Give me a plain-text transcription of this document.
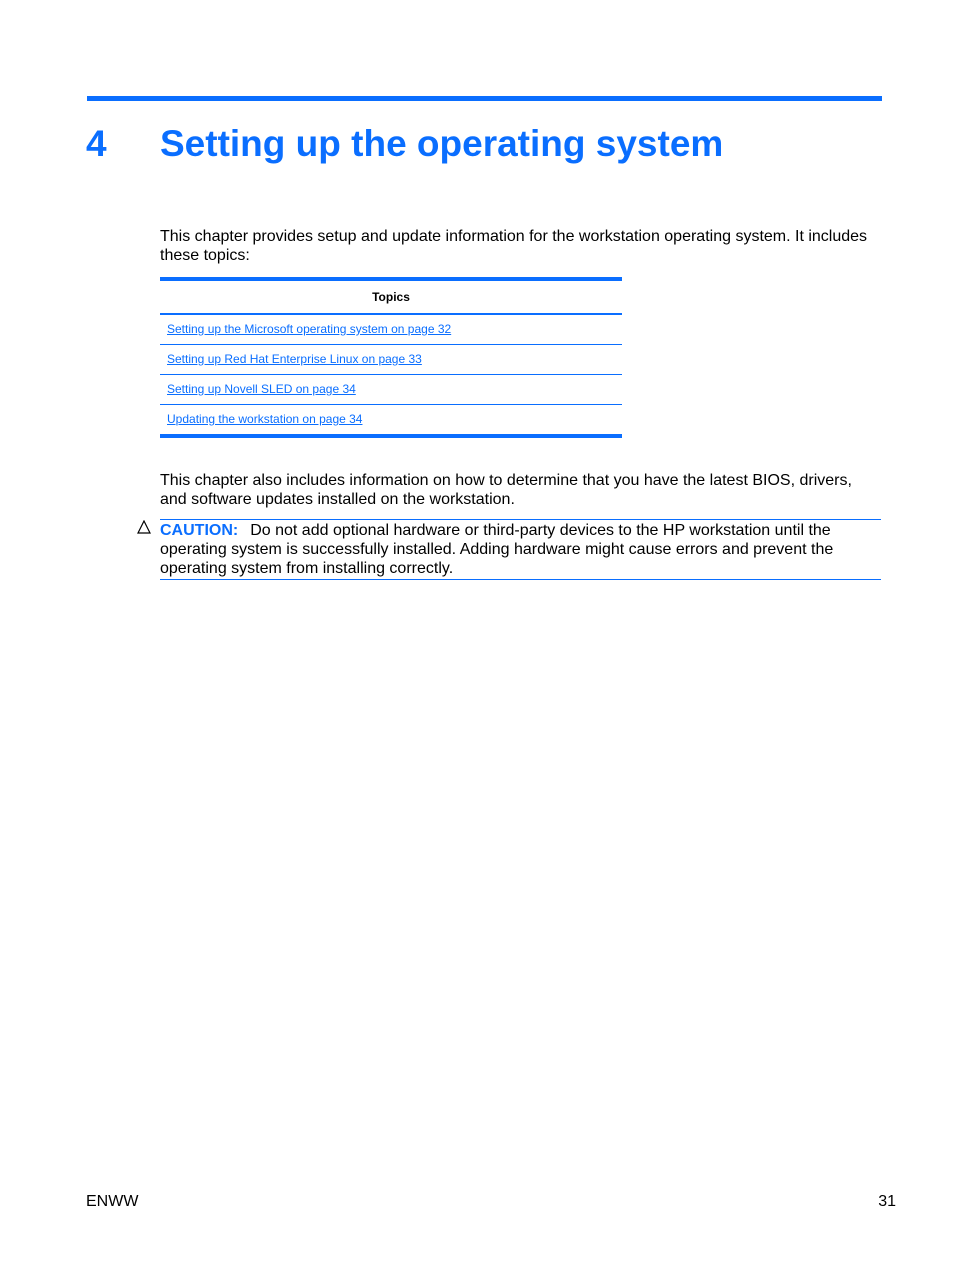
4 Setting up the operating system
This chapter provides setup and update information for the workstation operating system. It includes these topics:
Topics
Setting up the Microsoft operating system on page 32
Setting up Red Hat Enterprise Linux on page 33
Setting up Novell SLED on page 34
Updating the workstation on page 34
This chapter also includes information on how to determine that you have the latest BIOS, drivers, and software updates installed on the workstation.
CAUTION: Do not add optional hardware or third-party devices to the HP workstation until the operating system is successfully installed. Adding hardware might cause errors and prevent the operating system from installing correctly.
ENWW	31
